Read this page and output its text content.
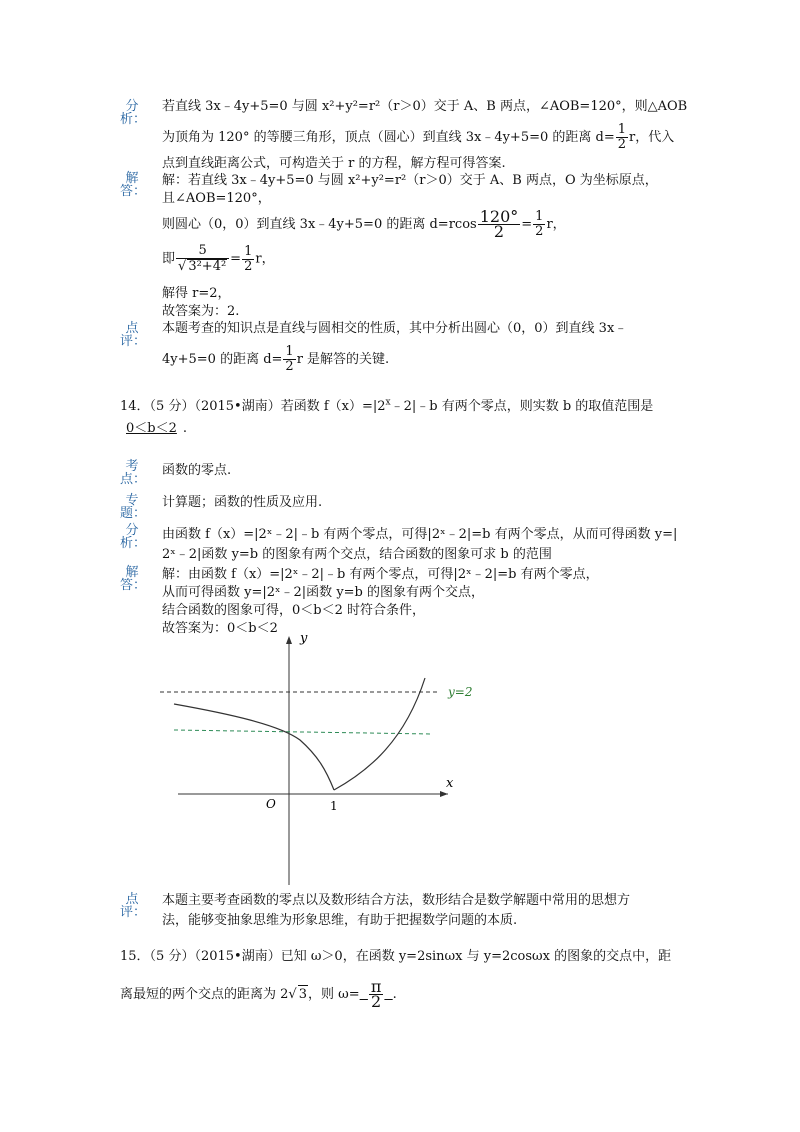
分析：
若直线 3x﹣4y+5=0 与圆 x²+y²=r²（r＞0）交于 A、B 两点，∠AOB=120°，则△AOB
为顶角为 120° 的等腰三角形，顶点（圆心）到直线 3x﹣4y+5=0 的距离 $d= \frac{1}{2}$ r，代入
点到直线距离公式，可构造关于 r 的方程，解方程可得答案.
解答：
解：若直线 3x﹣4y+5=0 与圆 x²+y²=r²（r＞0）交于 A、B 两点，O 为坐标原点，
且∠AOB=120°，
则圆心（0，0）到直线 3x﹣4y+5=0 的距离 $d=rcos \frac{120^\circ}{2} = \frac{1}{2}$ r，
即 $\frac{5}{\text{√ 3²+4²}} = \frac{1}{2}$ r，
解得 r=2，
故答案为：2.
点评：
本题考查的知识点是直线与圆相交的性质，其中分析出圆心（0，0）到直线 3x﹣
4y+5=0 的距离 $d= \frac{1}{2}$ r 是解答的关键.
14．（5 分）（2015•湖南）若函数 $f(x)=|2^x﹣2|﹣b$ 有两个零点，则实数 b 的取值范围是
0＜b＜2 .
考点：
函数的零点.
专题：
计算题；函数的性质及应用.
分析：
由函数 f（x）=|2ˣ﹣2|﹣b 有两个零点，可得|2ˣ﹣2|=b 有两个零点，从而可得函数 y=|
2ˣ﹣2|函数 y=b 的图象有两个交点，结合函数的图象可求 b 的范围
解答：
解：由函数 f（x）=|2ˣ﹣2|﹣b 有两个零点，可得|2ˣ﹣2|=b 有两个零点，
从而可得函数 y=|2ˣ﹣2|函数 y=b 的图象有两个交点，
结合函数的图象可得，0＜b＜2 时符合条件，
故答案为：0＜b＜2
y
x
O	1
y=2
点评：
本题主要考查函数的零点以及数形结合方法，数形结合是数学解题中常用的思想方
法，能够变抽象思维为形象思维，有助于把握数学问题的本质.
15．（5 分）（2015•湖南）已知 ω＞0，在函数 y=2sinωx 与 y=2cosωx 的图象的交点中，距
离最短的两个交点的距离为 2√ 3，则 $\omega= \frac{\pi}{2}$ .
